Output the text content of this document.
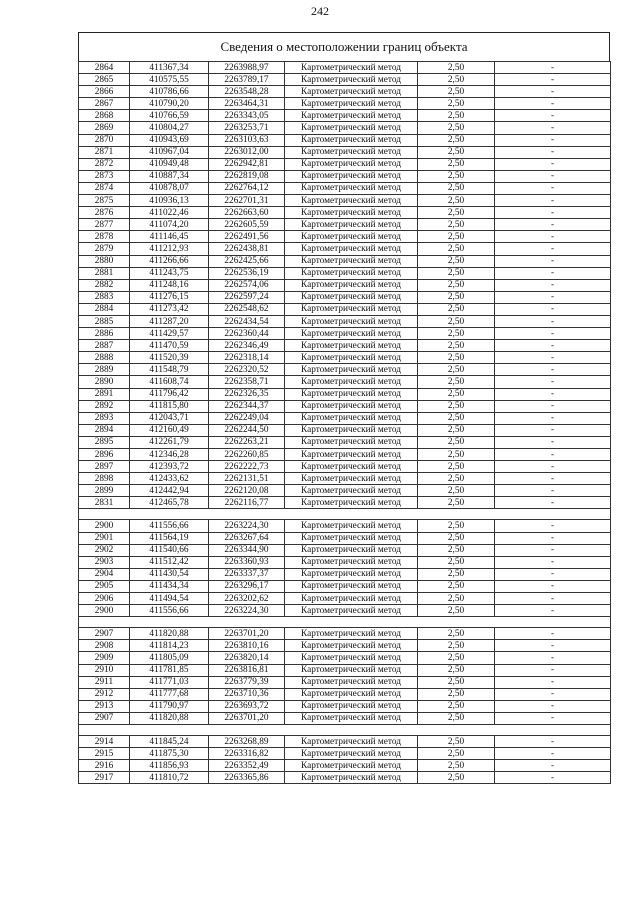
242
Сведения о местоположении границ объекта
2864	411367,34	2263988,97	Картометрический метод	2,50	-
2865	410575,55	2263789,17	Картометрический метод	2,50	-
2866	410786,66	2263548,28	Картометрический метод	2,50	-
2867	410790,20	2263464,31	Картометрический метод	2,50	-
2868	410766,59	2263343,05	Картометрический метод	2,50	-
2869	410804,27	2263253,71	Картометрический метод	2,50	-
2870	410943,69	2263103,63	Картометрический метод	2,50	-
2871	410967,04	2263012,00	Картометрический метод	2,50	-
2872	410949,48	2262942,81	Картометрический метод	2,50	-
2873	410887,34	2262819,08	Картометрический метод	2,50	-
2874	410878,07	2262764,12	Картометрический метод	2,50	-
2875	410936,13	2262701,31	Картометрический метод	2,50	-
2876	411022,46	2262663,60	Картометрический метод	2,50	-
2877	411074,20	2262605,59	Картометрический метод	2,50	-
2878	411146,45	2262491,56	Картометрический метод	2,50	-
2879	411212,93	2262438,81	Картометрический метод	2,50	-
2880	411266,66	2262425,66	Картометрический метод	2,50	-
2881	411243,75	2262536,19	Картометрический метод	2,50	-
2882	411248,16	2262574,06	Картометрический метод	2,50	-
2883	411276,15	2262597,24	Картометрический метод	2,50	-
2884	411273,42	2262548,62	Картометрический метод	2,50	-
2885	411287,20	2262434,54	Картометрический метод	2,50	-
2886	411429,57	2262360,44	Картометрический метод	2,50	-
2887	411470,59	2262346,49	Картометрический метод	2,50	-
2888	411520,39	2262318,14	Картометрический метод	2,50	-
2889	411548,79	2262320,52	Картометрический метод	2,50	-
2890	411608,74	2262358,71	Картометрический метод	2,50	-
2891	411796,42	2262326,35	Картометрический метод	2,50	-
2892	411815,80	2262344,37	Картометрический метод	2,50	-
2893	412043,71	2262249,04	Картометрический метод	2,50	-
2894	412160,49	2262244,50	Картометрический метод	2,50	-
2895	412261,79	2262263,21	Картометрический метод	2,50	-
2896	412346,28	2262260,85	Картометрический метод	2,50	-
2897	412393,72	2262222,73	Картометрический метод	2,50	-
2898	412433,62	2262131,51	Картометрический метод	2,50	-
2899	412442,94	2262120,08	Картометрический метод	2,50	-
2831	412465,78	2262116,77	Картометрический метод	2,50	-

2900	411556,66	2263224,30	Картометрический метод	2,50	-
2901	411564,19	2263267,64	Картометрический метод	2,50	-
2902	411540,66	2263344,90	Картометрический метод	2,50	-
2903	411512,42	2263360,93	Картометрический метод	2,50	-
2904	411430,54	2263337,37	Картометрический метод	2,50	-
2905	411434,34	2263296,17	Картометрический метод	2,50	-
2906	411494,54	2263202,62	Картометрический метод	2,50	-
2900	411556,66	2263224,30	Картометрический метод	2,50	-

2907	411820,88	2263701,20	Картометрический метод	2,50	-
2908	411814,23	2263810,16	Картометрический метод	2,50	-
2909	411805,09	2263820,14	Картометрический метод	2,50	-
2910	411781,85	2263816,81	Картометрический метод	2,50	-
2911	411771,03	2263779,39	Картометрический метод	2,50	-
2912	411777,68	2263710,36	Картометрический метод	2,50	-
2913	411790,97	2263693,72	Картометрический метод	2,50	-
2907	411820,88	2263701,20	Картометрический метод	2,50	-

2914	411845,24	2263268,89	Картометрический метод	2,50	-
2915	411875,30	2263316,82	Картометрический метод	2,50	-
2916	411856,93	2263352,49	Картометрический метод	2,50	-
2917	411810,72	2263365,86	Картометрический метод	2,50	-
